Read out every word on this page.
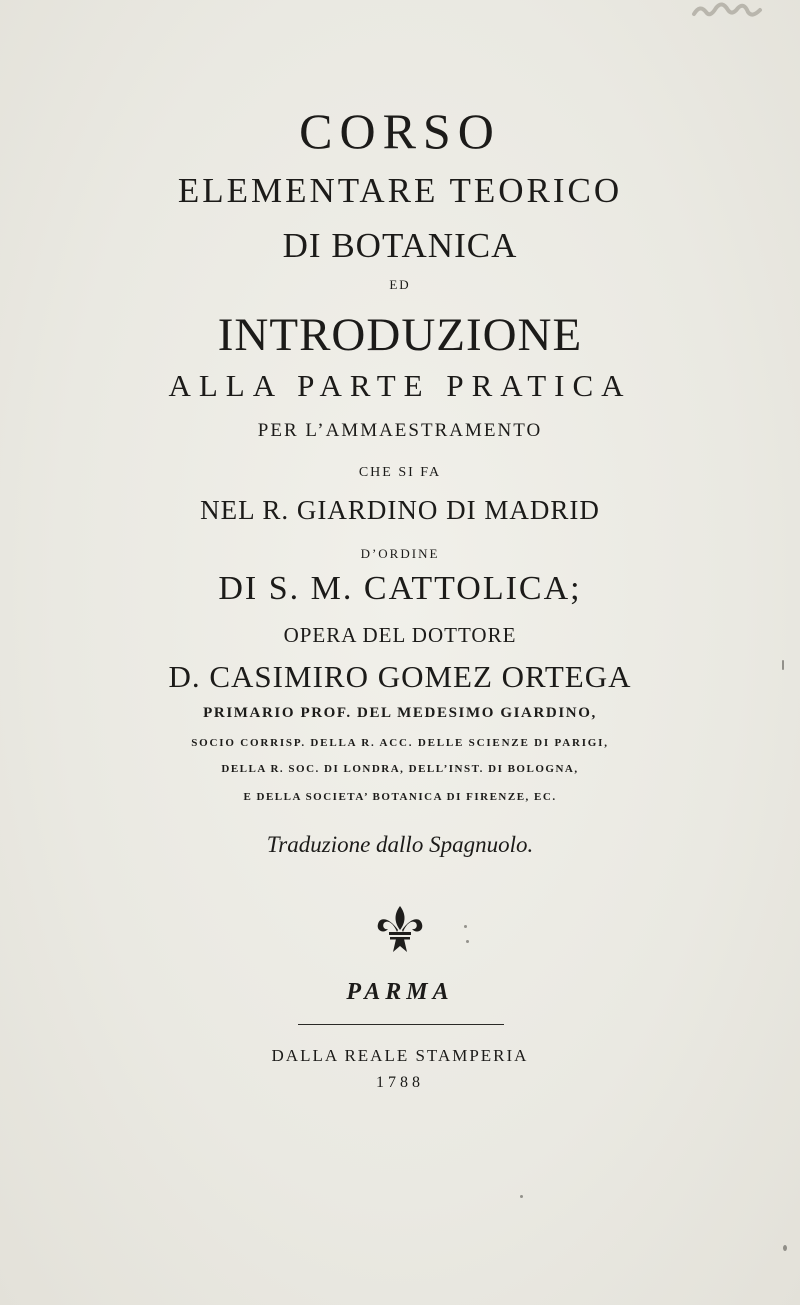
CORSO
ELEMENTARE TEORICO
DI BOTANICA
ED
INTRODUZIONE
ALLA PARTE PRATICA
PER L’AMMAESTRAMENTO
CHE SI FA
NEL R. GIARDINO DI MADRID
D’ORDINE
DI S. M. CATTOLICA;
OPERA DEL DOTTORE
D. CASIMIRO GOMEZ ORTEGA
PRIMARIO PROF. DEL MEDESIMO GIARDINO,
SOCIO CORRISP. DELLA R. ACC. DELLE SCIENZE DI PARIGI,
DELLA R. SOC. DI LONDRA, DELL’INST. DI BOLOGNA,
E DELLA SOCIETA’ BOTANICA DI FIRENZE, EC.
Traduzione dallo Spagnuolo.
PARMA
DALLA REALE STAMPERIA
1788
